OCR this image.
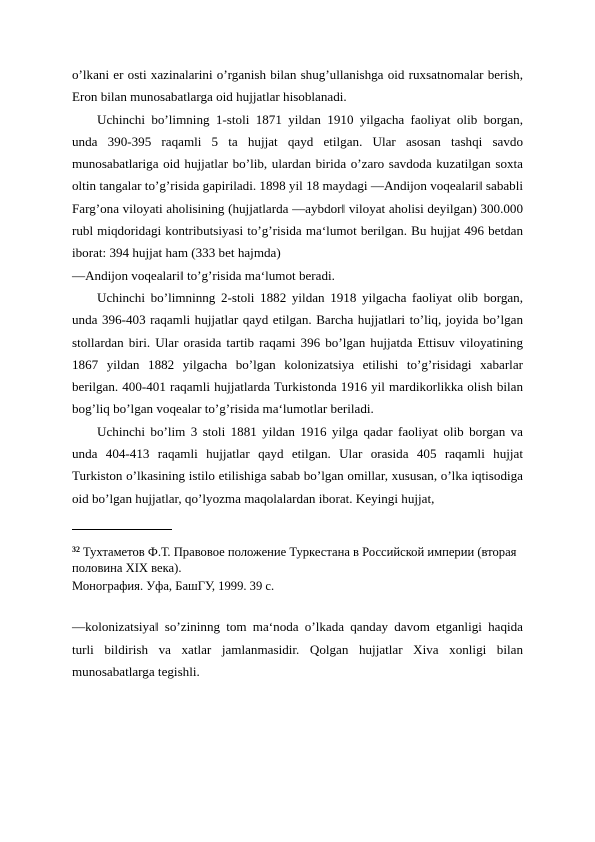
o’lkani er osti xazinalarini o’rganish bilan shug’ullanishga oid ruxsatnomalar berish, Eron bilan munosabatlarga oid hujjatlar hisoblanadi.

Uchinchi bo’limning 1-stoli 1871 yildan 1910 yilgacha faoliyat olib borgan, unda 390-395 raqamli 5 ta hujjat qayd etilgan. Ular asosan tashqi savdo munosabatlariga oid hujjatlar bo’lib, ulardan birida o’zaro savdoda kuzatilgan soxta oltin tangalar to’g’risida gapiriladi. 1898 yil 18 maydagi ―Andijon voqealari‖ sababli Farg’ona viloyati aholisining (hujjatlarda ―aybdor‖ viloyat aholisi deyilgan) 300.000 rubl miqdoridagi kontributsiyasi to’g’risida ma‘lumot berilgan. Bu hujjat 496 betdan iborat: 394 hujjat ham (333 bet hajmda)

―Andijon voqealari‖ to’g’risida ma‘lumot beradi.

Uchinchi bo’limninng 2-stoli 1882 yildan 1918 yilgacha faoliyat olib borgan, unda 396-403 raqamli hujjatlar qayd etilgan. Barcha hujjatlari to’liq, joyida bo’lgan stollardan biri. Ular orasida tartib raqami 396 bo’lgan hujjatda Ettisuv viloyatining 1867 yildan 1882 yilgacha bo’lgan kolonizatsiya etilishi to’g’risidagi xabarlar berilgan. 400-401 raqamli hujjatlarda Turkistonda 1916 yil mardikorlikka olish bilan bog’liq bo’lgan voqealar to’g’risida ma‘lumotlar beriladi.

Uchinchi bo’lim 3 stoli 1881 yildan 1916 yilga qadar faoliyat olib borgan va unda 404-413 raqamli hujjatlar qayd etilgan. Ular orasida 405 raqamli hujjat Turkiston o’lkasining istilo etilishiga sabab bo’lgan omillar, xususan, o’lka iqtisodiga oid bo’lgan hujjatlar, qo’lyozma maqolalardan iborat. Keyingi hujjat,

$^{32}$ Тухтаметов Ф.Т. Правовое положение Туркестана в Российской империи (вторая половина XIX века).

Монография. Уфа, БашГУ, 1999. 39 с.

―kolonizatsiya‖ so’zininng tom ma‘noda o’lkada qanday davom etganligi haqida turli bildirish va xatlar jamlanmasidir. Qolgan hujjatlar Xiva xonligi bilan munosabatlarga tegishli.
